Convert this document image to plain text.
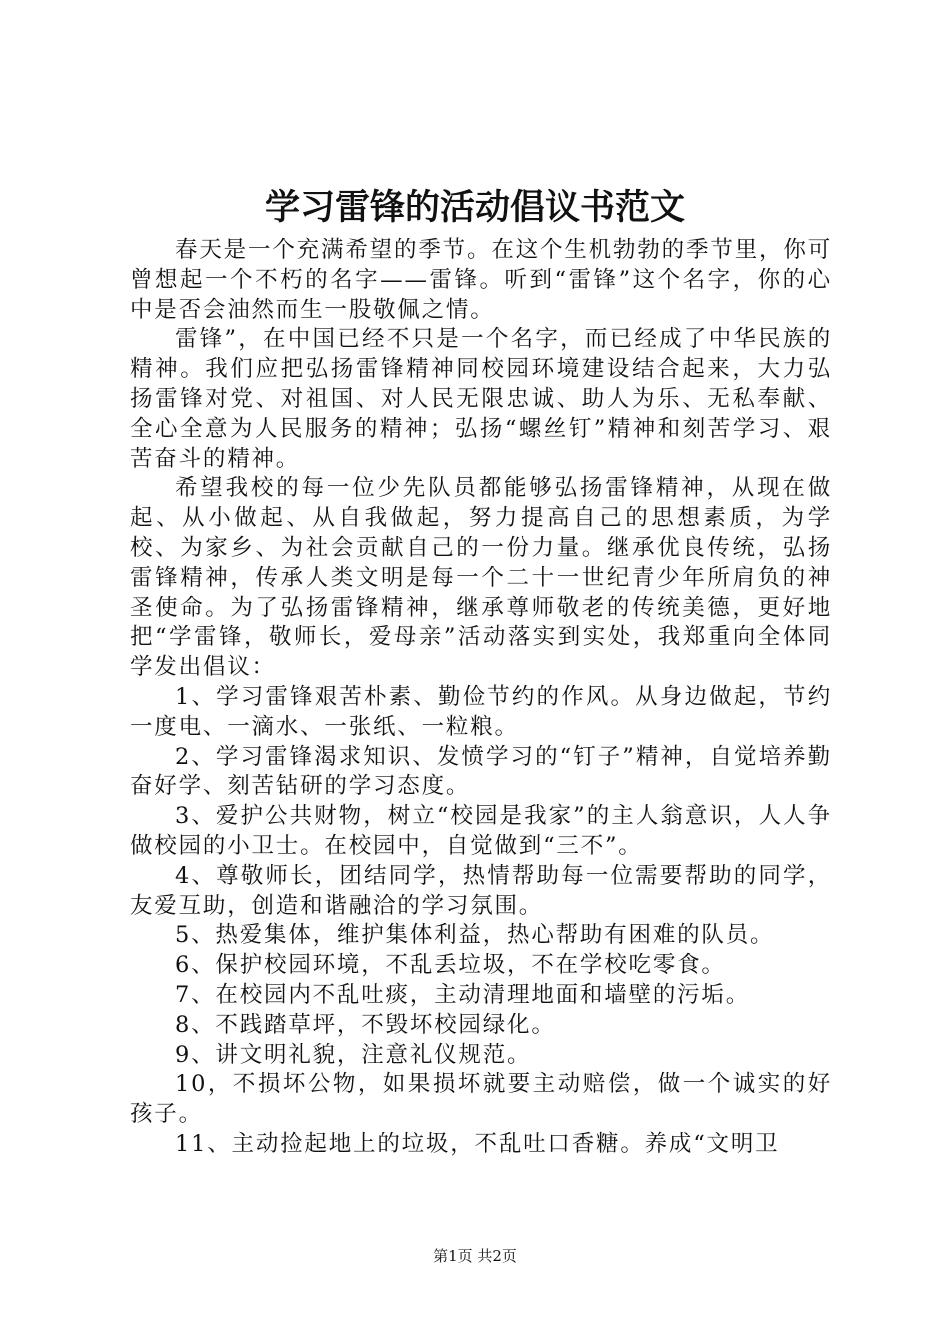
学习雷锋的活动倡议书范文

春天是一个充满希望的季节。在这个生机勃勃的季节里，你可曾想起一个不朽的名字——雷锋。听到“雷锋”这个名字，你的心中是否会油然而生一股敬佩之情。

雷锋”，在中国已经不只是一个名字，而已经成了中华民族的精神。我们应把弘扬雷锋精神同校园环境建设结合起来，大力弘扬雷锋对党、对祖国、对人民无限忠诚、助人为乐、无私奉献、全心全意为人民服务的精神；弘扬“螺丝钉”精神和刻苦学习、艰苦奋斗的精神。

希望我校的每一位少先队员都能够弘扬雷锋精神，从现在做起、从小做起、从自我做起，努力提高自己的思想素质，为学校、为家乡、为社会贡献自己的一份力量。继承优良传统，弘扬雷锋精神，传承人类文明是每一个二十一世纪青少年所肩负的神圣使命。为了弘扬雷锋精神，继承尊师敬老的传统美德，更好地把“学雷锋，敬师长，爱母亲”活动落实到实处，我郑重向全体同学发出倡议：

1、学习雷锋艰苦朴素、勤俭节约的作风。从身边做起，节约一度电、一滴水、一张纸、一粒粮。

2、学习雷锋渴求知识、发愤学习的“钉子”精神，自觉培养勤奋好学、刻苦钻研的学习态度。

3、爱护公共财物，树立“校园是我家”的主人翁意识，人人争做校园的小卫士。在校园中，自觉做到“三不”。

4、尊敬师长，团结同学，热情帮助每一位需要帮助的同学，友爱互助，创造和谐融洽的学习氛围。

5、热爱集体，维护集体利益，热心帮助有困难的队员。

6、保护校园环境，不乱丢垃圾，不在学校吃零食。

7、在校园内不乱吐痰，主动清理地面和墙壁的污垢。

8、不践踏草坪，不毁坏校园绿化。

9、讲文明礼貌，注意礼仪规范。

10，不损坏公物，如果损坏就要主动赔偿，做一个诚实的好孩子。

11、主动捡起地上的垃圾，不乱吐口香糖。养成“文明卫

第1页 共2页
